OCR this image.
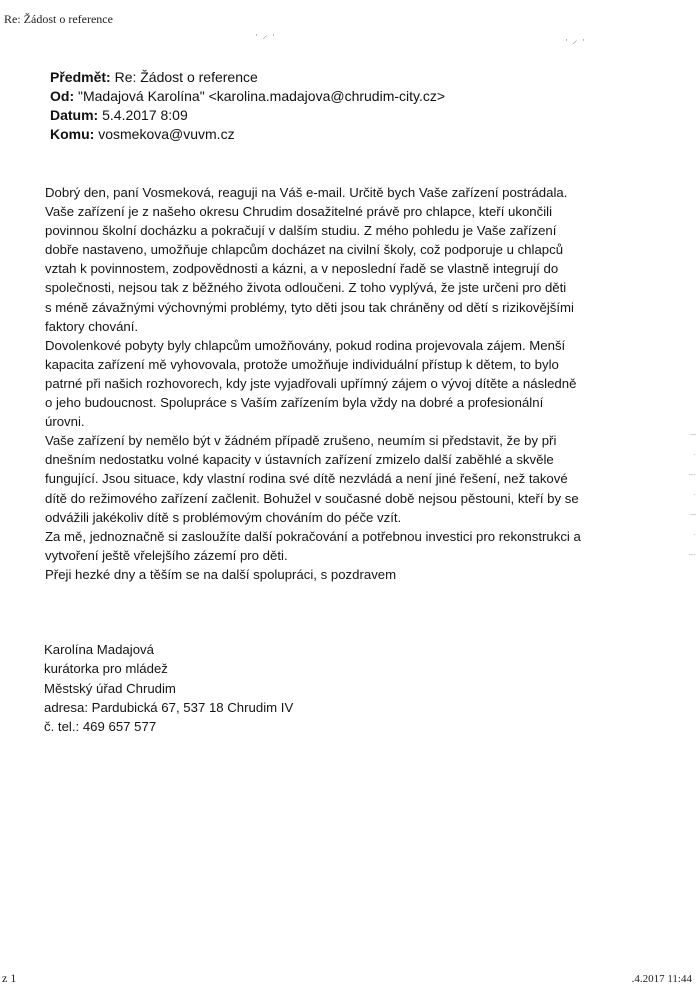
Re: Žádost o reference
· ⸝ ·	· ⸝ ·
Předmět: Re: Žádost o reference
Od: "Madajová Karolína" <karolina.madajova@chrudim-city.cz>
Datum: 5.4.2017 8:09
Komu: vosmekova@vuvm.cz

Dobrý den, paní Vosmeková, reaguji na Váš e-mail. Určitě bych Vaše zařízení postrádala.

Vaše zařízení je z našeho okresu Chrudim dosažitelné právě pro chlapce, kteří ukončili

povinnou školní docházku a pokračují v dalším studiu. Z mého pohledu je Vaše zařízení

dobře nastaveno, umožňuje chlapcům docházet na civilní školy, což podporuje u chlapců

vztah k povinnostem, zodpovědnosti a kázni, a v neposlední řadě se vlastně integrují do

společnosti, nejsou tak z běžného života odloučeni. Z toho vyplývá, že jste určeni pro děti

s méně závažnými výchovnými problémy, tyto děti jsou tak chráněny od dětí s rizikovějšími

faktory chování.

Dovolenkové pobyty byly chlapcům umožňovány, pokud rodina projevovala zájem. Menší

kapacita zařízení mě vyhovovala, protože umožňuje individuální přístup k dětem, to bylo

patrné při našich rozhovorech, kdy jste vyjadřovali upřímný zájem o vývoj dítěte a následně

o jeho budoucnost. Spolupráce s Vaším zařízením byla vždy na dobré a profesionální

úrovni.

Vaše zařízení by nemělo být v žádném případě zrušeno, neumím si představit, že by při

dnešním nedostatku volné kapacity v ústavních zařízení zmizelo další zaběhlé a skvěle

fungující. Jsou situace, kdy vlastní rodina své dítě nezvládá a není jiné řešení, než takové

dítě do režimového zařízení začlenit. Bohužel v současné době nejsou pěstouni, kteří by se

odvážili jakékoliv dítě s problémovým chováním do péče vzít.

Za mě, jednoznačně si zasloužíte další pokračování a potřebnou investici pro rekonstrukci a

vytvoření ještě vřelejšího zázemí pro děti.

Přeji hezké dny a těším se na další spolupráci, s pozdravem

Karolína Madajová

kurátorka pro mládež

Městský úřad Chrudim

adresa: Pardubická 67, 537 18 Chrudim IV

č. tel.: 469 657 577

·–
·
–·
·
·–
·
–·
z 1	.4.2017 11:44
